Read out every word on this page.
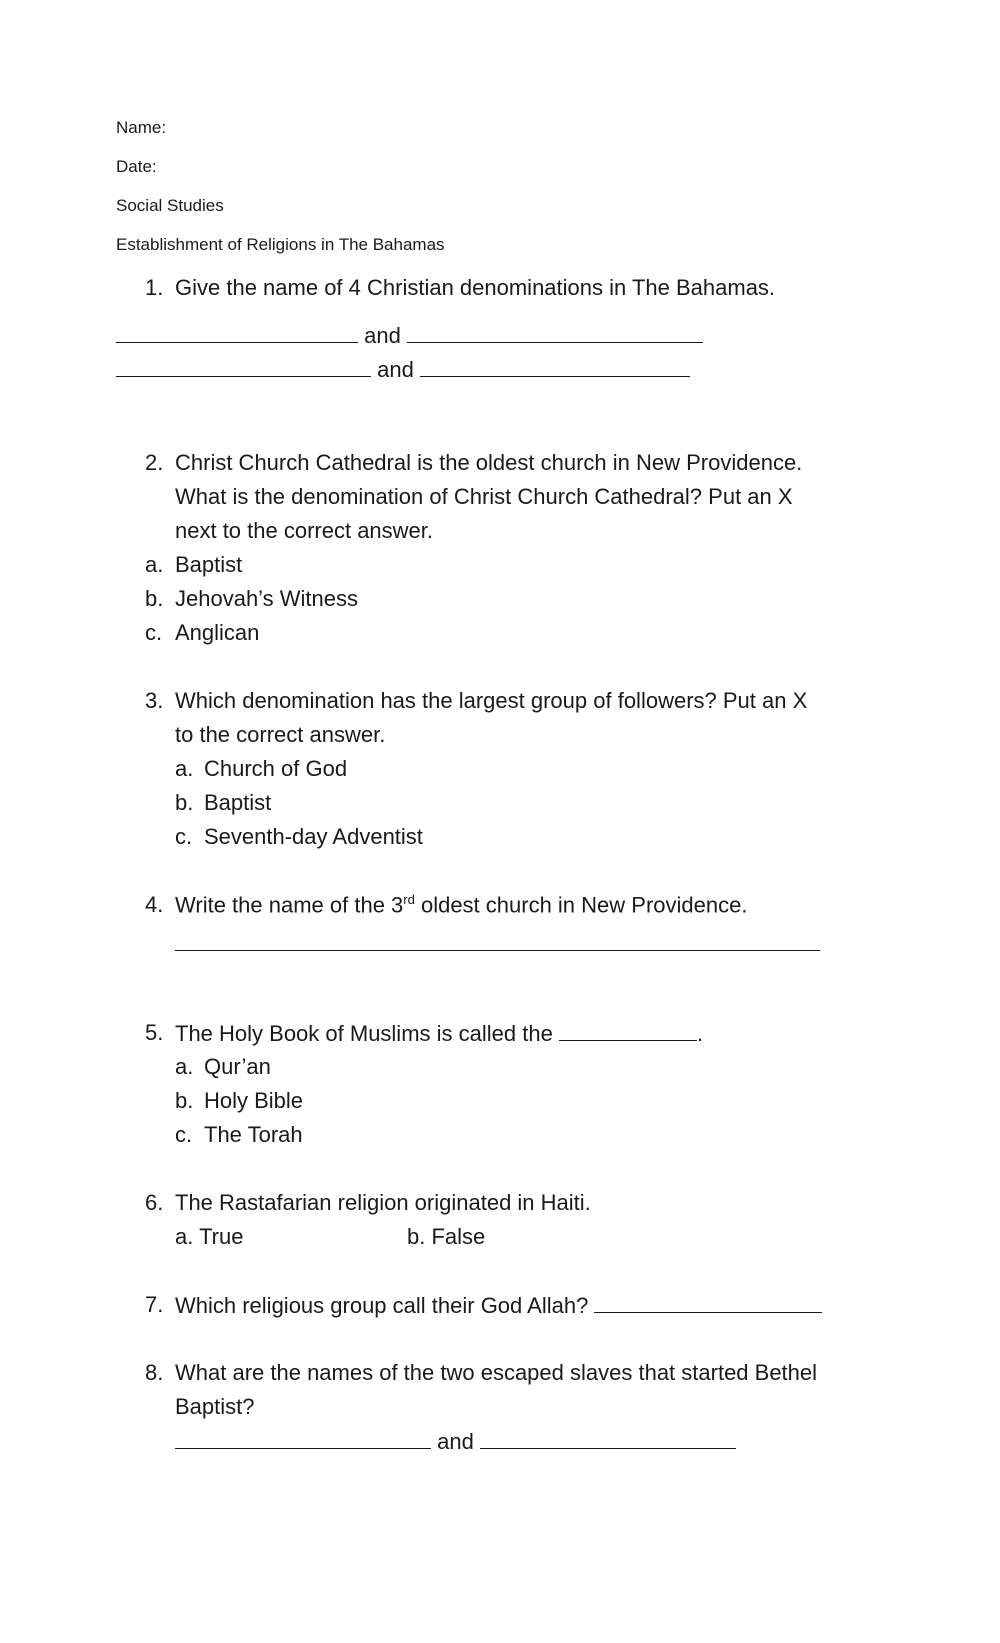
Name:
Date:
Social Studies
Establishment of Religions in The Bahamas
1. Give the name of 4 Christian denominations in The Bahamas.
and
and
2. Christ Church Cathedral is the oldest church in New Providence.
What is the denomination of Christ Church Cathedral? Put an X
next to the correct answer.
a. Baptist
b. Jehovah’s Witness
c. Anglican
3. Which denomination has the largest group of followers? Put an X
to the correct answer.
a. Church of God
b. Baptist
c. Seventh-day Adventist
4. Write the name of the 3rd oldest church in New Providence.
5. The Holy Book of Muslims is called the	.
a. Qur’an
b. Holy Bible
c. The Torah
6. The Rastafarian religion originated in Haiti.
a. True	b. False
7. Which religious group call their God Allah?
8. What are the names of the two escaped slaves that started Bethel
Baptist?
and
